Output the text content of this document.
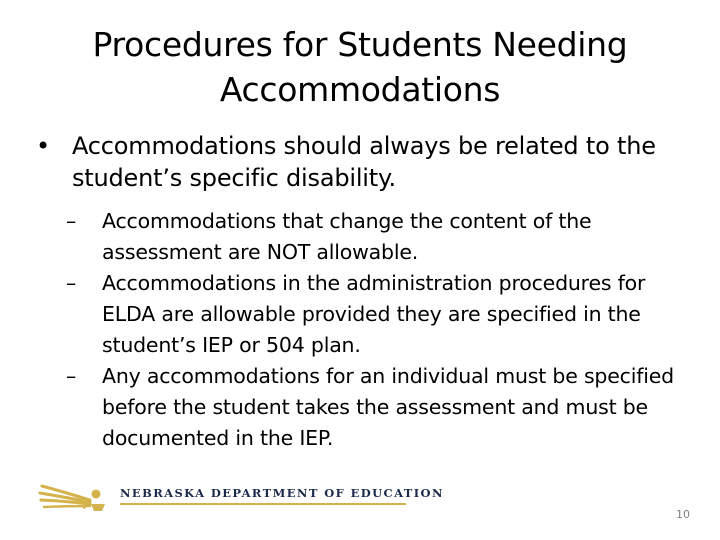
Procedures for Students Needing Accommodations
• Accommodations should always be related to the student’s specific disability.
– Accommodations that change the content of the assessment are NOT allowable.
– Accommodations in the administration procedures for ELDA are allowable provided they are specified in the student’s IEP or 504 plan.
– Any accommodations for an individual must be specified before the student takes the assessment and must be documented in the IEP.
NEBRASKA DEPARTMENT OF EDUCATION
10
